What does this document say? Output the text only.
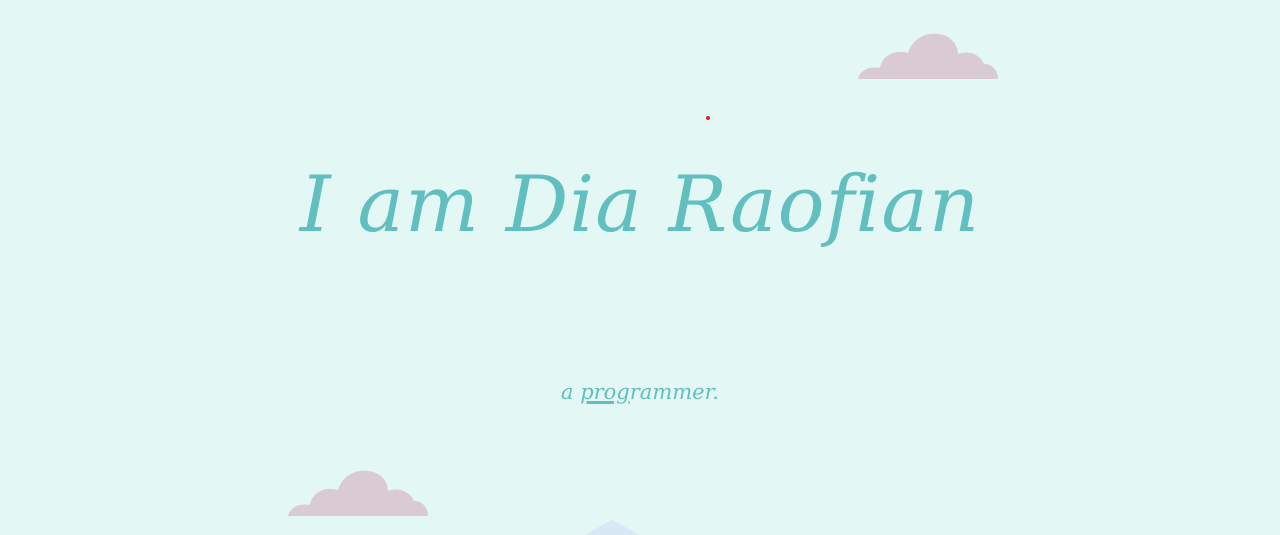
I am Dia Raofian

a programmer.
